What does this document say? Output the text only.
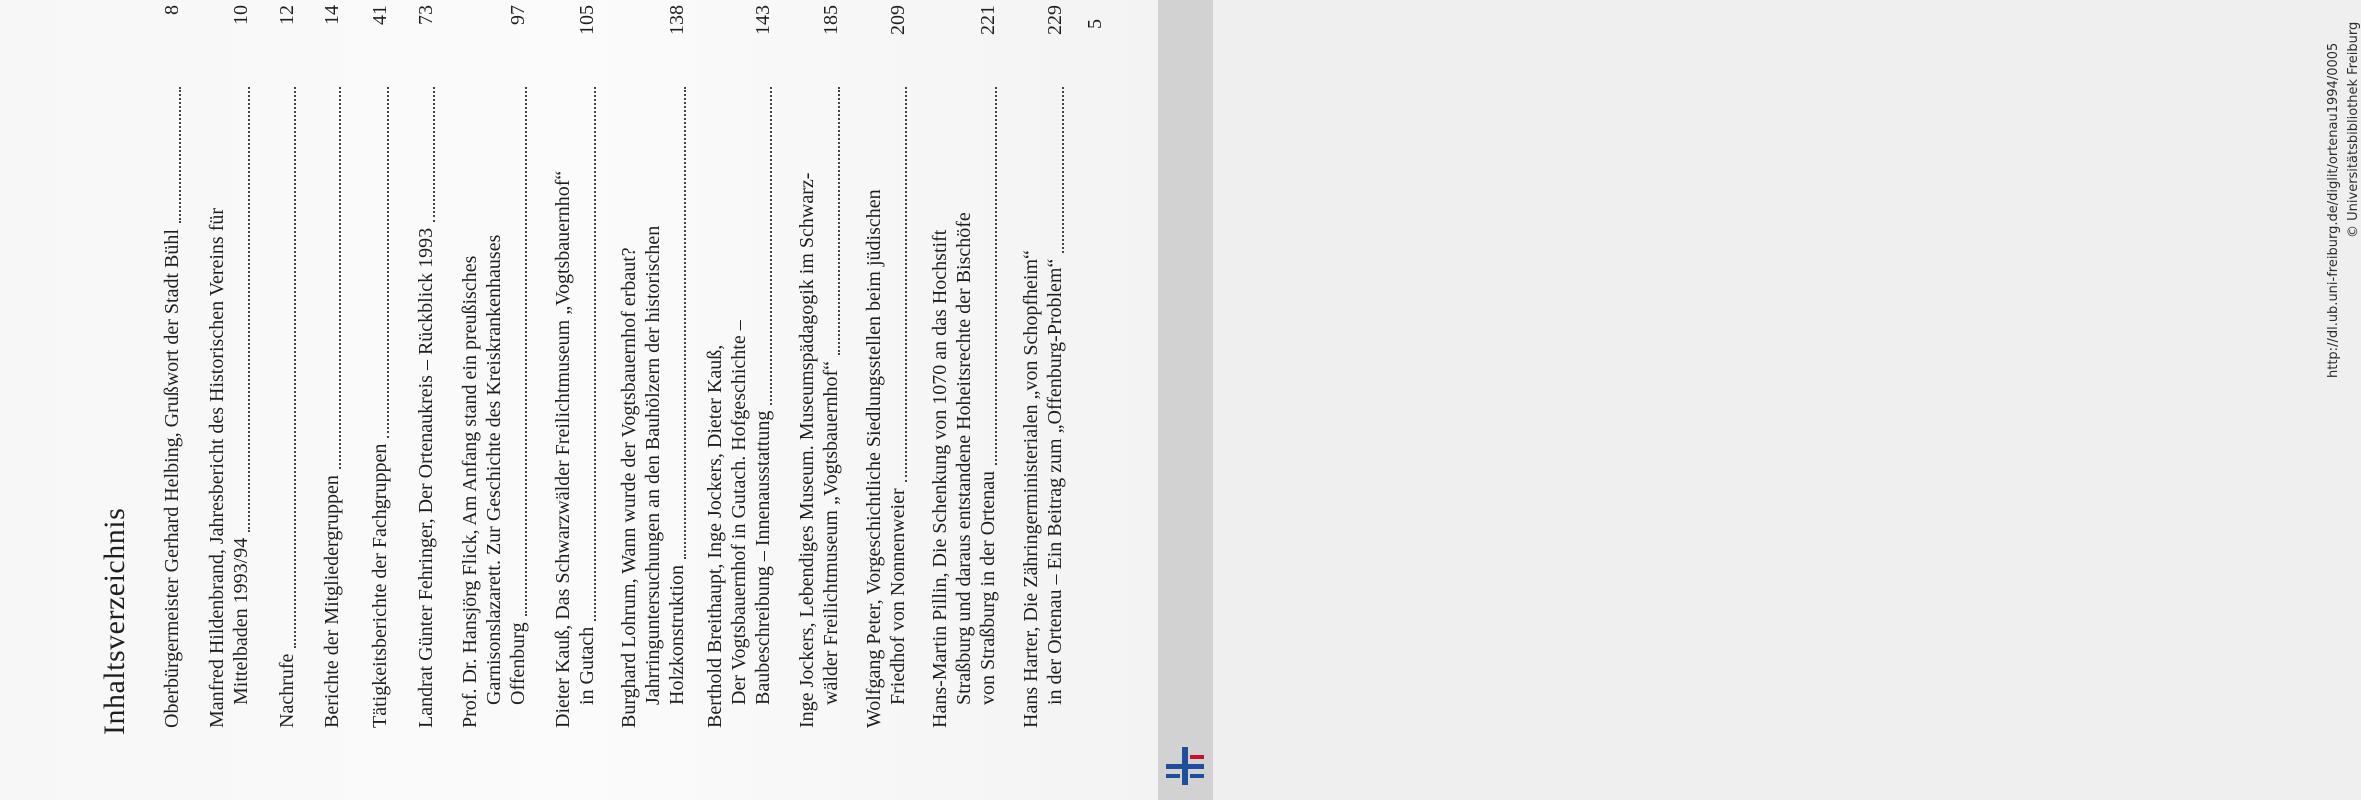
Inhaltsverzeichnis Oberbürgermeister Gerhard Helbing, Grußwort der Stadt Bühl
8
Manfred Hildenbrand, Jahresbericht des Historischen Vereins für Mittelbaden 1993/94
10
Nachrufe
12
Berichte der Mitgliedergruppen
14
Tätigkeitsberichte der Fachgruppen
41
Landrat Günter Fehringer, Der Ortenaukreis – Rückblick 1993
73
Prof. Dr. Hansjörg Flick, Am Anfang stand ein preußisches Garnisonslazarett. Zur Geschichte des Kreiskrankenhauses Offenburg
97
Dieter Kauß, Das Schwarzwälder Freilichtmuseum „Vogtsbauernhof“ in Gutach
105
Burghard Lohrum, Wann wurde der Vogtsbauernhof erbaut? Jahrringuntersuchungen an den Bauhölzern der historischen Holzkonstruktion
138
Berthold Breithaupt, Inge Jockers, Dieter Kauß, Der Vogtsbauernhof in Gutach. Hofgeschichte – Baubeschreibung – Innenausstattung
143
Inge Jockers, Lebendiges Museum. Museumspädagogik im Schwarz- wälder Freilichtmuseum „Vogtsbauernhof“
185
Wolfgang Peter, Vorgeschichtliche Siedlungsstellen beim jüdischen Friedhof von Nonnenweier
209
Hans-Martin Pillin, Die Schenkung von 1070 an das Hochstift Straßburg und daraus entstandene Hoheitsrechte der Bischöfe von Straßburg in der Ortenau
221
Hans Harter, Die Zähringerministerialen „von Schopfheim“ in der Ortenau – Ein Beitrag zum „Offenburg-Problem“
229 5
http://dl.ub.uni-freiburg.de/diglit/ortenau1994/0005 © Universitätsbibliothek Freiburg
